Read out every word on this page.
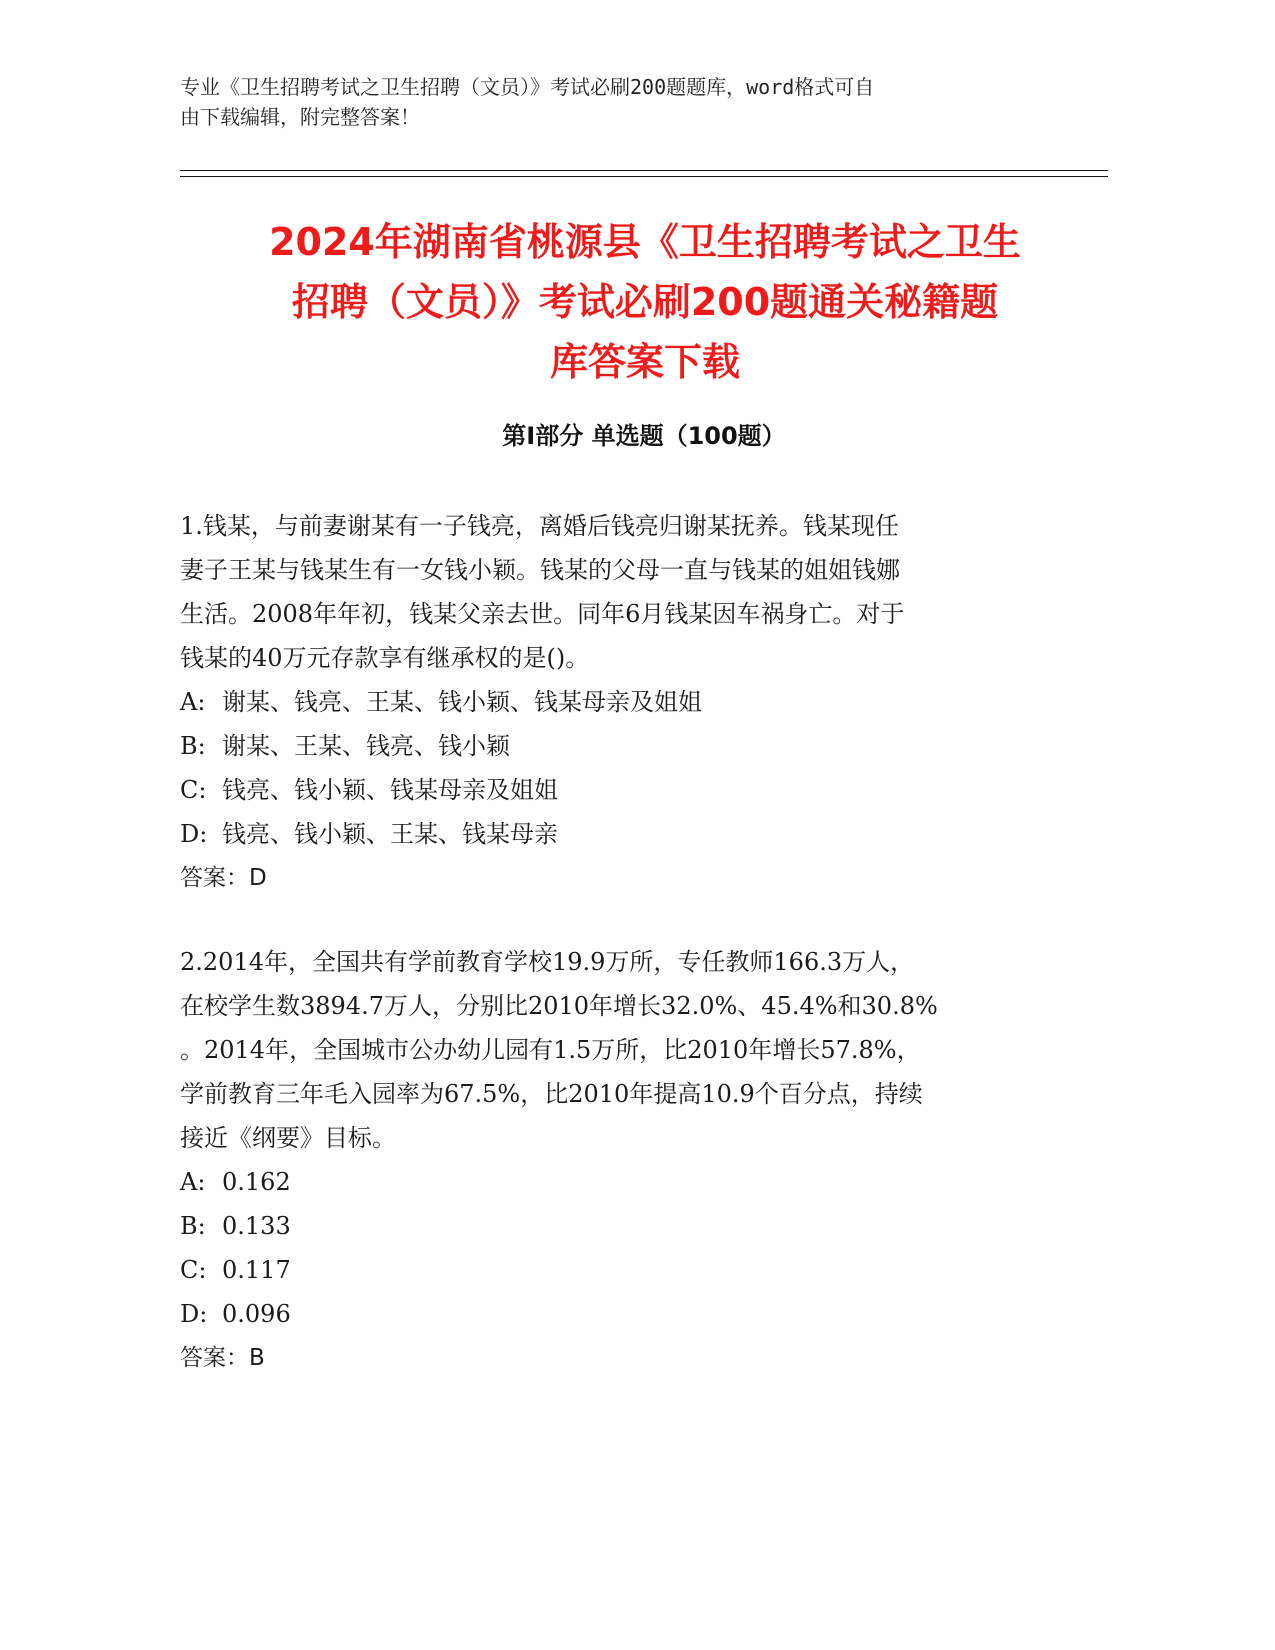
专业《卫生招聘考试之卫生招聘（文员）》考试必刷200题题库，word格式可自
由下载编辑，附完整答案！
2024年湖南省桃源县《卫生招聘考试之卫生
招聘（文员）》考试必刷200题通关秘籍题
库答案下载
第I部分 单选题（100题）
1.钱某，与前妻谢某有一子钱亮，离婚后钱亮归谢某抚养。钱某现任
妻子王某与钱某生有一女钱小颖。钱某的父母一直与钱某的姐姐钱娜
生活。2008年年初，钱某父亲去世。同年6月钱某因车祸身亡。对于
钱某的40万元存款享有继承权的是()。
A: 谢某、钱亮、王某、钱小颖、钱某母亲及姐姐
B: 谢某、王某、钱亮、钱小颖
C: 钱亮、钱小颖、钱某母亲及姐姐
D: 钱亮、钱小颖、王某、钱某母亲
答案：D
2.2014年，全国共有学前教育学校19.9万所，专任教师166.3万人，
在校学生数3894.7万人，分别比2010年增长32.0%、45.4%和30.8%
。2014年，全国城市公办幼儿园有1.5万所，比2010年增长57.8%，
学前教育三年毛入园率为67.5%，比2010年提高10.9个百分点，持续
接近《纲要》目标。
A: 0.162
B: 0.133
C: 0.117
D: 0.096
答案：B
